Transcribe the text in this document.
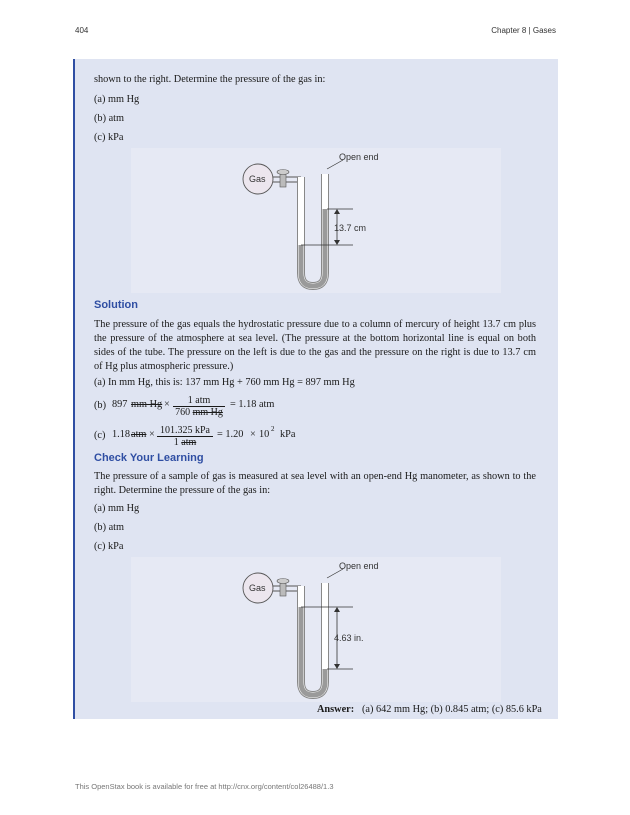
404	Chapter 8 | Gases
shown to the right. Determine the pressure of the gas in:
(a) mm Hg
(b) atm
(c) kPa
Gas
13.7 cm
Open end
Solution
The pressure of the gas equals the hydrostatic pressure due to a column of mercury of height 13.7 cm plus the pressure of the atmosphere at sea level. (The pressure at the bottom horizontal line is equal on both sides of the tube. The pressure on the left is due to the gas and the pressure on the right is due to 13.7 cm of Hg plus atmospheric pressure.)
(a) In mm Hg, this is: 137 mm Hg + 760 mm Hg = 897 mm Hg
(b) 897 mm Hg ×	1 atm
760 mm Hg
= 1.18 atm
(c) 1.18 atm × 101.325 kPa
1 atm
= 1.20 × 10 2 kPa
Check Your Learning
The pressure of a sample of gas is measured at sea level with an open-end Hg manometer, as shown to the right. Determine the pressure of the gas in:
(a) mm Hg
(b) atm
(c) kPa
Gas
4.63 in.
Open end
Answer: (a) 642 mm Hg; (b) 0.845 atm; (c) 85.6 kPa
This OpenStax book is available for free at http://cnx.org/content/col26488/1.3
